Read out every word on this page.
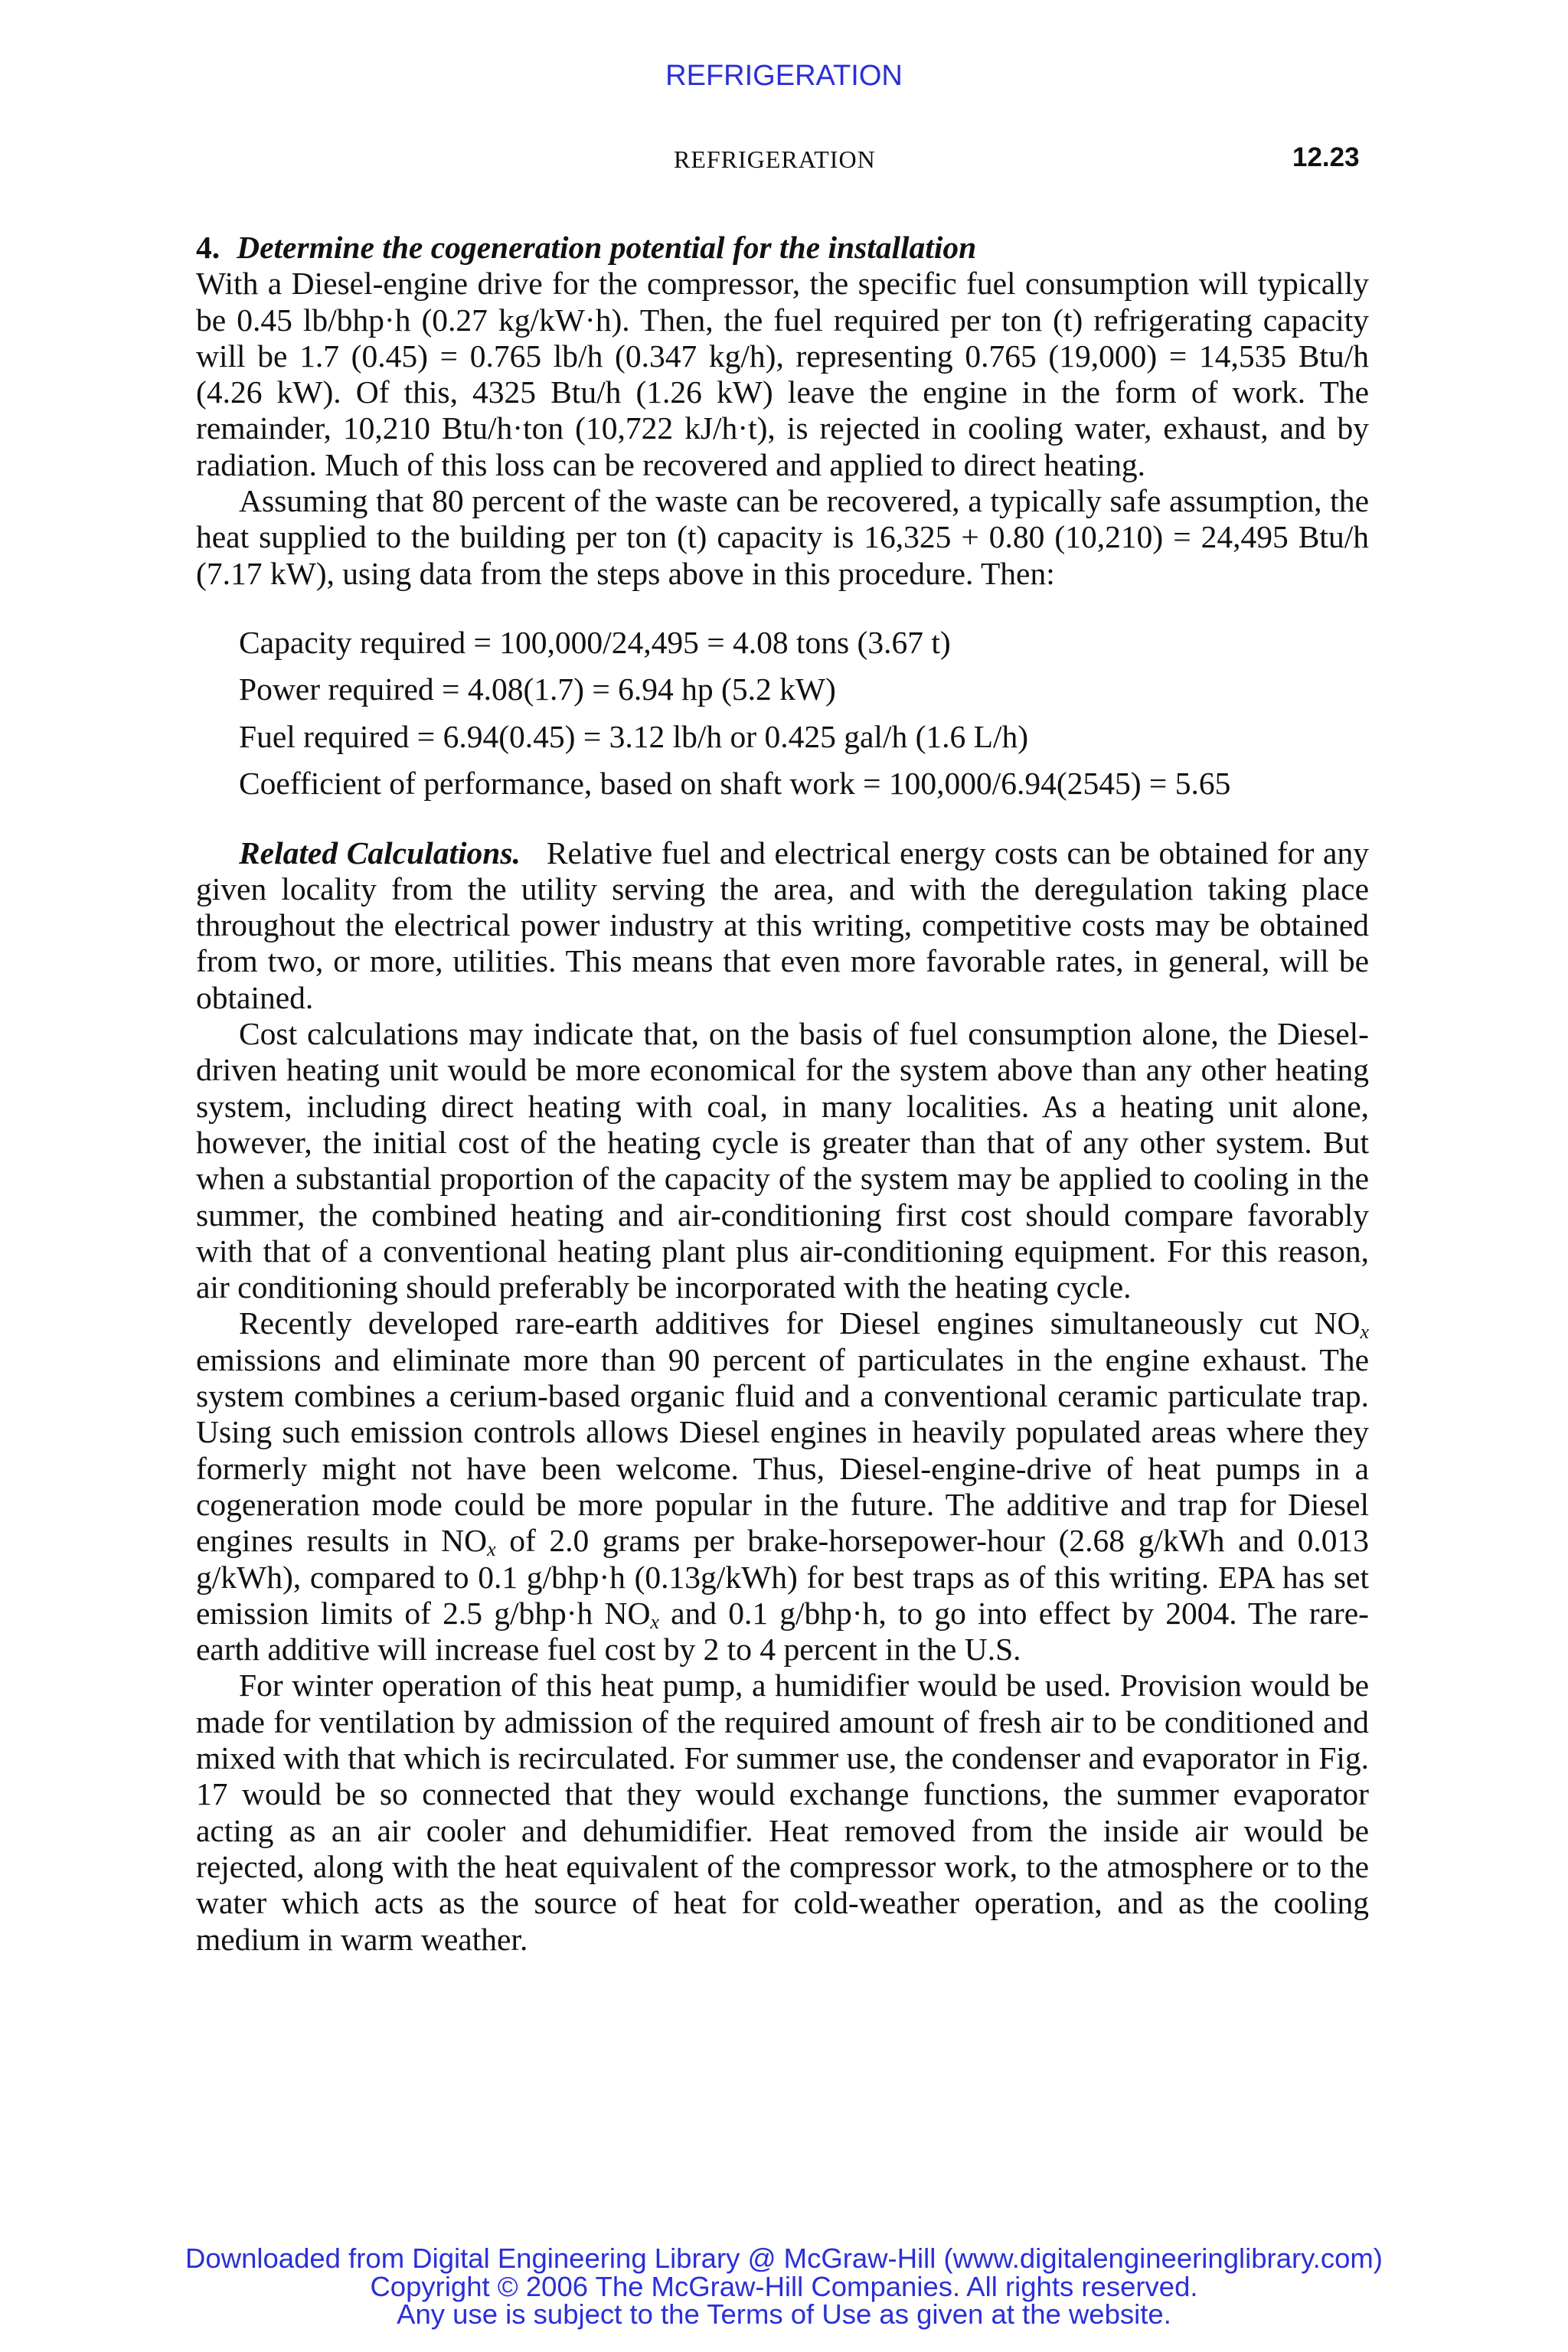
REFRIGERATION
REFRIGERATION	12.23

4. Determine the cogeneration potential for the installation

With a Diesel-engine drive for the compressor, the specific fuel consumption will typically be 0.45 lb/bhp·h (0.27 kg/kW·h). Then, the fuel required per ton (t) refrigerating capacity will be 1.7 (0.45) = 0.765 lb/h (0.347 kg/h), representing 0.765 (19,000) = 14,535 Btu/h (4.26 kW). Of this, 4325 Btu/h (1.26 kW) leave the engine in the form of work. The remainder, 10,210 Btu/h·ton (10,722 kJ/h·t), is rejected in cooling water, exhaust, and by radiation. Much of this loss can be recovered and applied to direct heating.

Assuming that 80 percent of the waste can be recovered, a typically safe assumption, the heat supplied to the building per ton (t) capacity is 16,325 + 0.80 (10,210) = 24,495 Btu/h (7.17 kW), using data from the steps above in this procedure. Then:

Capacity required = 100,000/24,495 = 4.08 tons (3.67 t)
Power required = 4.08(1.7) = 6.94 hp (5.2 kW)
Fuel required = 6.94(0.45) = 3.12 lb/h or 0.425 gal/h (1.6 L/h)
Coefficient of performance, based on shaft work = 100,000/6.94(2545) = 5.65

Related Calculations. Relative fuel and electrical energy costs can be obtained for any given locality from the utility serving the area, and with the deregulation taking place throughout the electrical power industry at this writing, competitive costs may be obtained from two, or more, utilities. This means that even more favorable rates, in general, will be obtained.

Cost calculations may indicate that, on the basis of fuel consumption alone, the Diesel-driven heating unit would be more economical for the system above than any other heating system, including direct heating with coal, in many localities. As a heating unit alone, however, the initial cost of the heating cycle is greater than that of any other system. But when a substantial proportion of the capacity of the system may be applied to cooling in the summer, the combined heating and air-conditioning first cost should compare favorably with that of a conventional heating plant plus air-conditioning equipment. For this reason, air conditioning should preferably be incorporated with the heating cycle.

Recently developed rare-earth additives for Diesel engines simultaneously cut $NO_x$ emissions and eliminate more than 90 percent of particulates in the engine exhaust. The system combines a cerium-based organic fluid and a conventional ceramic particulate trap. Using such emission controls allows Diesel engines in heavily populated areas where they formerly might not have been welcome. Thus, Diesel-engine-drive of heat pumps in a cogeneration mode could be more popular in the future. The additive and trap for Diesel engines results in $NO_x$ of 2.0 grams per brake-horsepower-hour (2.68 g/kWh and 0.013 g/kWh), compared to 0.1 g/bhp·h (0.13g/kWh) for best traps as of this writing. EPA has set emission limits of 2.5 g/bhp·h $NO_x$ and 0.1 g/bhp·h, to go into effect by 2004. The rare-earth additive will increase fuel cost by 2 to 4 percent in the U.S.

For winter operation of this heat pump, a humidifier would be used. Provision would be made for ventilation by admission of the required amount of fresh air to be conditioned and mixed with that which is recirculated. For summer use, the condenser and evaporator in Fig. 17 would be so connected that they would exchange functions, the summer evaporator acting as an air cooler and dehumidifier. Heat removed from the inside air would be rejected, along with the heat equivalent of the compressor work, to the atmosphere or to the water which acts as the source of heat for cold-weather operation, and as the cooling medium in warm weather.

Downloaded from Digital Engineering Library @ McGraw-Hill (www.digitalengineeringlibrary.com)
Copyright © 2006 The McGraw-Hill Companies. All rights reserved.
Any use is subject to the Terms of Use as given at the website.
